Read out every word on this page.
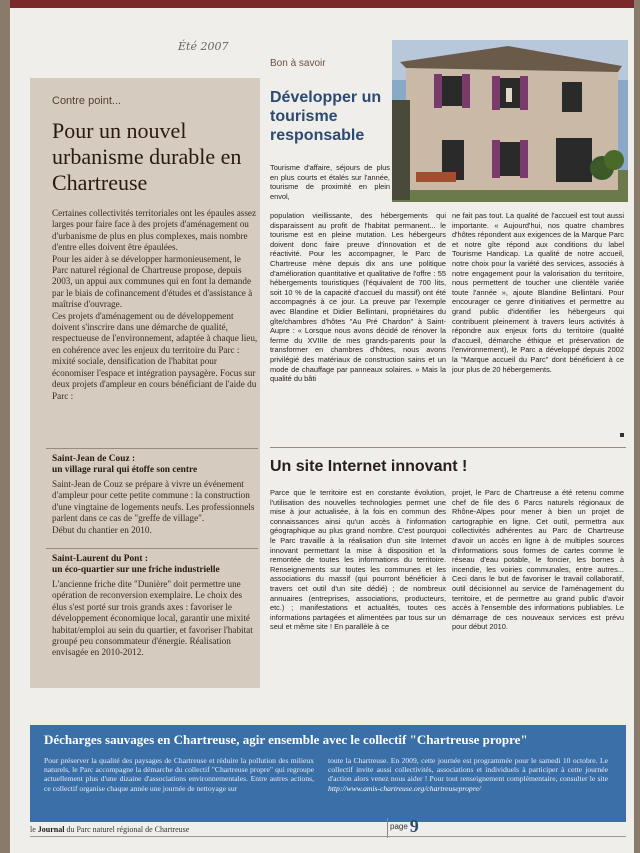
Été 2007
Contre point...
Pour un nouvel urbanisme durable en Chartreuse

Certaines collectivités territoriales ont les épaules assez larges pour faire face à des projets d'aménagement ou d'urbanisme de plus en plus complexes, mais nombre d'entre elles doivent être épaulées.

Pour les aider à se développer harmonieusement, le Parc naturel régional de Chartreuse propose, depuis 2003, un appui aux communes qui en font la demande par le biais de cofinancement d'études et d'assistance à maîtrise d'ouvrage.

Ces projets d'aménagement ou de développement doivent s'inscrire dans une démarche de qualité, respectueuse de l'environnement, adaptée à chaque lieu, en cohérence avec les enjeux du territoire du Parc : mixité sociale, densification de l'habitat pour économiser l'espace et intégration paysagère. Focus sur deux projets d'ampleur en cours bénéficiant de l'aide du Parc :

Saint-Jean de Couz :
un village rural qui étoffe son centre

Saint-Jean de Couz se prépare à vivre un événement d'ampleur pour cette petite commune : la construction d'une vingtaine de logements neufs. Les professionnels parlent dans ce cas de "greffe de village".

Début du chantier en 2010.

Saint-Laurent du Pont :
un éco-quartier sur une friche industrielle

L'ancienne friche dite "Dunière" doit permettre une opération de reconversion exemplaire. Le choix des élus s'est porté sur trois grands axes : favoriser le développement économique local, garantir une mixité habitat/emploi au sein du quartier, et favoriser l'habitat groupé peu consommateur d'énergie. Réalisation envisagée en 2010-2012.

Bon à savoir
Développer un tourisme responsable
Tourisme d'affaire, séjours de plus en plus courts et étalés sur l'année, tourisme de proximité en plein envol,
population vieillissante, des hébergements qui disparaissent au profit de l'habitat permanent... le tourisme est en pleine mutation. Les hébergeurs doivent donc faire preuve d'innovation et de réactivité. Pour les accompagner, le Parc de Chartreuse mène depuis dix ans une politique d'amélioration quantitative et qualitative de l'offre : 55 hébergements touristiques (l'équivalent de 700 lits, soit 10 % de la capacité d'accueil du massif) ont été accompagnés à ce jour. La preuve par l'exemple avec Blandine et Didier Bellintani, propriétaires du gîte/chambres d'hôtes "Au Pré Chardon" à Saint-Aupre : « Lorsque nous avons décidé de rénover la ferme du XVIIIe de mes grands-parents pour la transformer en chambres d'hôtes, nous avons privilégié des matériaux de construction sains et un mode de chauffage par panneaux solaires. » Mais la qualité du bâti
ne fait pas tout. La qualité de l'accueil est tout aussi importante. « Aujourd'hui, nos quatre chambres d'hôtes répondent aux exigences de la Marque Parc et notre gîte répond aux conditions du label Tourisme Handicap. La qualité de notre accueil, notre choix pour la variété des services, associés à notre engagement pour la valorisation du territoire, nous permettent de toucher une clientèle variée toute l'année », ajoute Blandine Bellintani. Pour encourager ce genre d'initiatives et permettre au grand public d'identifier les hébergeurs qui contribuent pleinement à travers leurs activités à répondre aux enjeux forts du territoire (qualité d'accueil, démarche éthique et préservation de l'environnement), le Parc a développé depuis 2002 la "Marque accueil du Parc" dont bénéficient à ce jour plus de 20 hébergements.
Un site Internet innovant !
Parce que le territoire est en constante évolution, l'utilisation des nouvelles technologies permet une mise à jour actualisée, à la fois en commun des connaissances ainsi qu'un accès à l'information géographique au plus grand nombre. C'est pourquoi le Parc travaille à la réalisation d'un site Internet innovant permettant la mise à disposition et la remontée de toutes les informations du territoire. Renseignements sur toutes les communes et les associations du massif (qui pourront bénéficier à travers cet outil d'un site dédié) ; de nombreux annuaires (entreprises, associations, producteurs, etc.) ; manifestations et actualités, toutes ces informations partagées et alimentées par tous sur un seul et même site ! En parallèle à ce
projet, le Parc de Chartreuse a été retenu comme chef de file des 6 Parcs naturels régionaux de Rhône-Alpes pour mener à bien un projet de cartographie en ligne. Cet outil, permettra aux collectivités adhérentes au Parc de Chartreuse d'avoir un accès en ligne à de multiples sources d'informations sous formes de cartes comme le réseau d'eau potable, le foncier, les bornes à incendie, les voiries communales, entre autres... Ceci dans le but de favoriser le travail collaboratif, outil décisionnel au service de l'aménagement du territoire, et de permettre au grand public d'avoir accès à l'ensemble des informations publiables. Le démarrage de ces nouveaux services est prévu pour début 2010.
Décharges sauvages en Chartreuse, agir ensemble avec le collectif "Chartreuse propre"
Pour préserver la qualité des paysages de Chartreuse et réduire la pollution des milieux naturels, le Parc accompagne la démarche du collectif "Chartreuse propre" qui regroupe actuellement plus d'une dizaine d'associations environnementales. Entre autres actions, ce collectif organise chaque année une journée de nettoyage sur
toute la Chartreuse. En 2009, cette journée est programmée pour le samedi 10 octobre. Le collectif invite aussi collectivités, associations et individuels à participer à cette journée d'action alors venez nous aider ! Pour tout renseignement complémentaire, consulter le site http://www.amis-chartreuse.org/chartreusepropre/
le Journal du Parc naturel régional de Chartreuse	page 9
